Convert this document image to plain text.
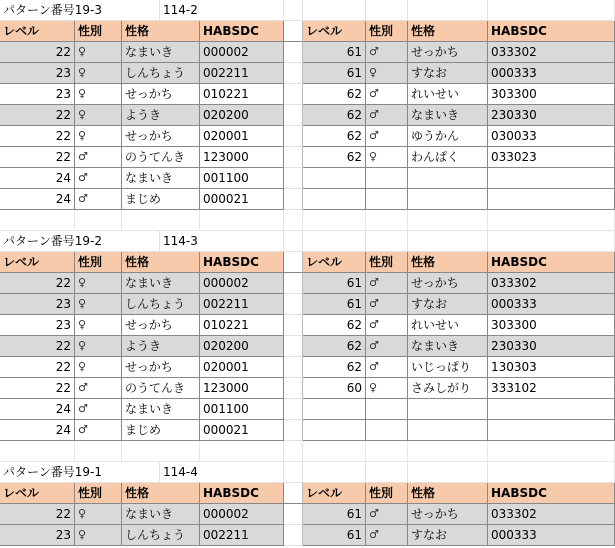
パターン番号19-3	114-2
レベル	性別	性格	HABSDC	レベル	性別	性格	HABSDC
22 ♀	なまいき	000002	61 ♂	せっかち	033302
23 ♀	しんちょう	002211	61 ♀	すなお	000333
23 ♀	せっかち	010221	62 ♂	れいせい	303300
22 ♀	ようき	020200	62 ♂	なまいき	230330
22 ♀	せっかち	020001	62 ♂	ゆうかん	030033
22 ♂	のうてんき	123000	62 ♀	わんぱく	033023
24 ♂	なまいき	001100
24 ♂	まじめ	000021
パターン番号19-2	114-3
レベル	性別	性格	HABSDC	レベル	性別	性格	HABSDC
22 ♀	なまいき	000002	61 ♂	せっかち	033302
23 ♀	しんちょう	002211	61 ♂	すなお	000333
23 ♀	せっかち	010221	62 ♂	れいせい	303300
22 ♀	ようき	020200	62 ♂	なまいき	230330
22 ♀	せっかち	020001	62 ♂	いじっぱり	130303
22 ♂	のうてんき	123000	60 ♀	さみしがり	333102
24 ♂	なまいき	001100
24 ♂	まじめ	000021
パターン番号19-1	114-4
レベル	性別	性格	HABSDC	レベル	性別	性格	HABSDC
22 ♀	なまいき	000002	61 ♂	せっかち	033302
23 ♀	しんちょう	002211	61 ♂	すなお	000333
